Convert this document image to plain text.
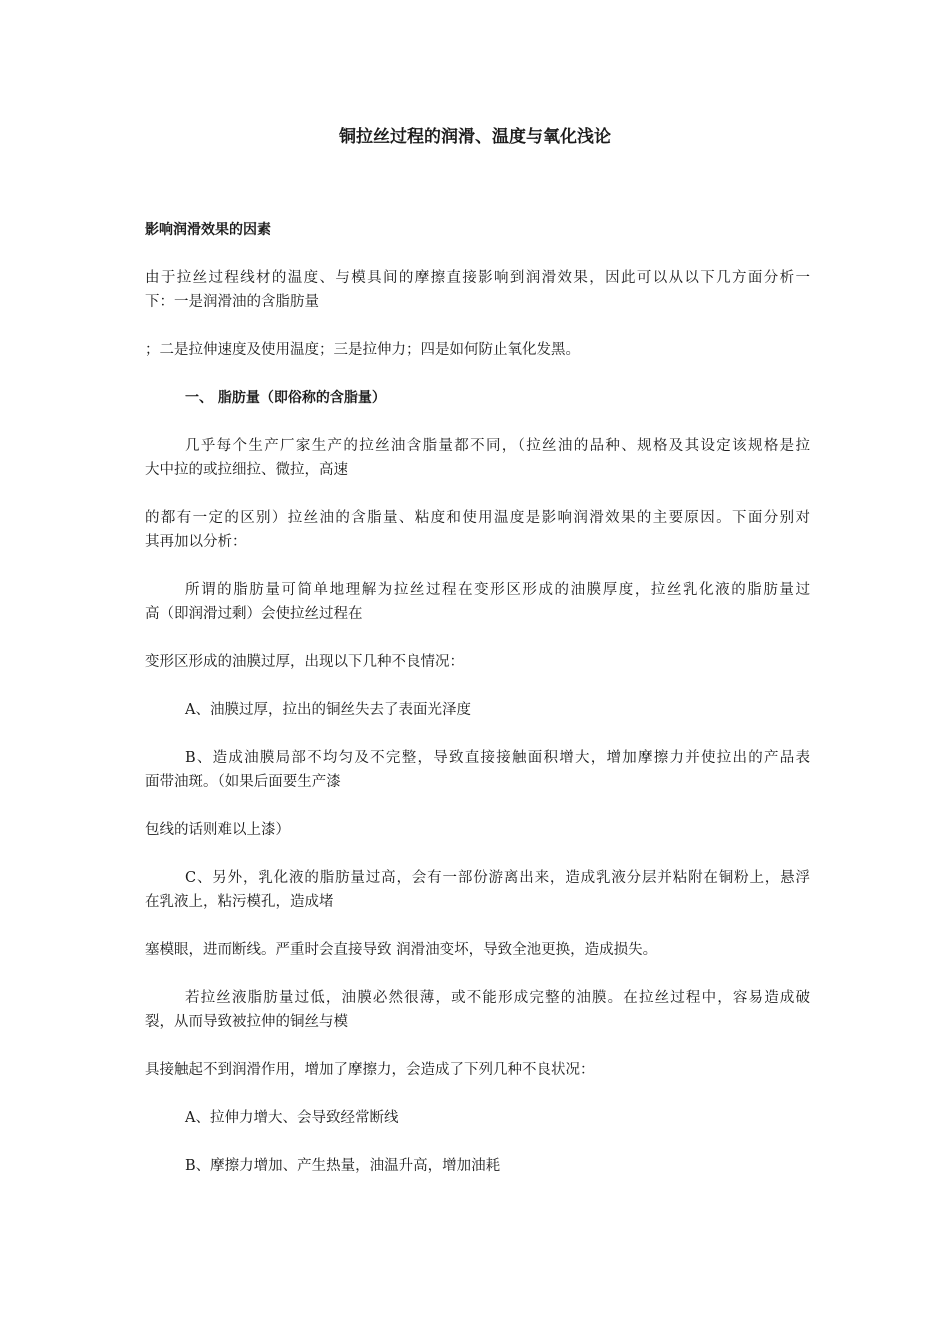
铜拉丝过程的润滑、温度与氧化浅论
影响润滑效果的因素
由于拉丝过程线材的温度、与模具间的摩擦直接影响到润滑效果，因此可以从以下几方面分析一
下：一是润滑油的含脂肪量
；二是拉伸速度及使用温度；三是拉伸力；四是如何防止氧化发黑。
一、 脂肪量（即俗称的含脂量）
几乎每个生产厂家生产的拉丝油含脂量都不同，（拉丝油的品种、规格及其设定该规格是拉
大中拉的或拉细拉、微拉，高速
的都有一定的区别）拉丝油的含脂量、粘度和使用温度是影响润滑效果的主要原因。下面分别对
其再加以分析：
所谓的脂肪量可简单地理解为拉丝过程在变形区形成的油膜厚度，拉丝乳化液的脂肪量过
高（即润滑过剩）会使拉丝过程在
变形区形成的油膜过厚，出现以下几种不良情况：
A、油膜过厚，拉出的铜丝失去了表面光泽度
B、造成油膜局部不均匀及不完整，导致直接接触面积增大，增加摩擦力并使拉出的产品表
面带油斑。（如果后面要生产漆
包线的话则难以上漆）
C、另外，乳化液的脂肪量过高，会有一部份游离出来，造成乳液分层并粘附在铜粉上，悬浮
在乳液上，粘污模孔，造成堵
塞模眼，进而断线。严重时会直接导致 润滑油变坏，导致全池更换，造成损失。
若拉丝液脂肪量过低，油膜必然很薄，或不能形成完整的油膜。在拉丝过程中，容易造成破
裂，从而导致被拉伸的铜丝与模
具接触起不到润滑作用，增加了摩擦力，会造成了下列几种不良状况：
A、拉伸力增大、会导致经常断线
B、摩擦力增加、产生热量，油温升高，增加油耗
